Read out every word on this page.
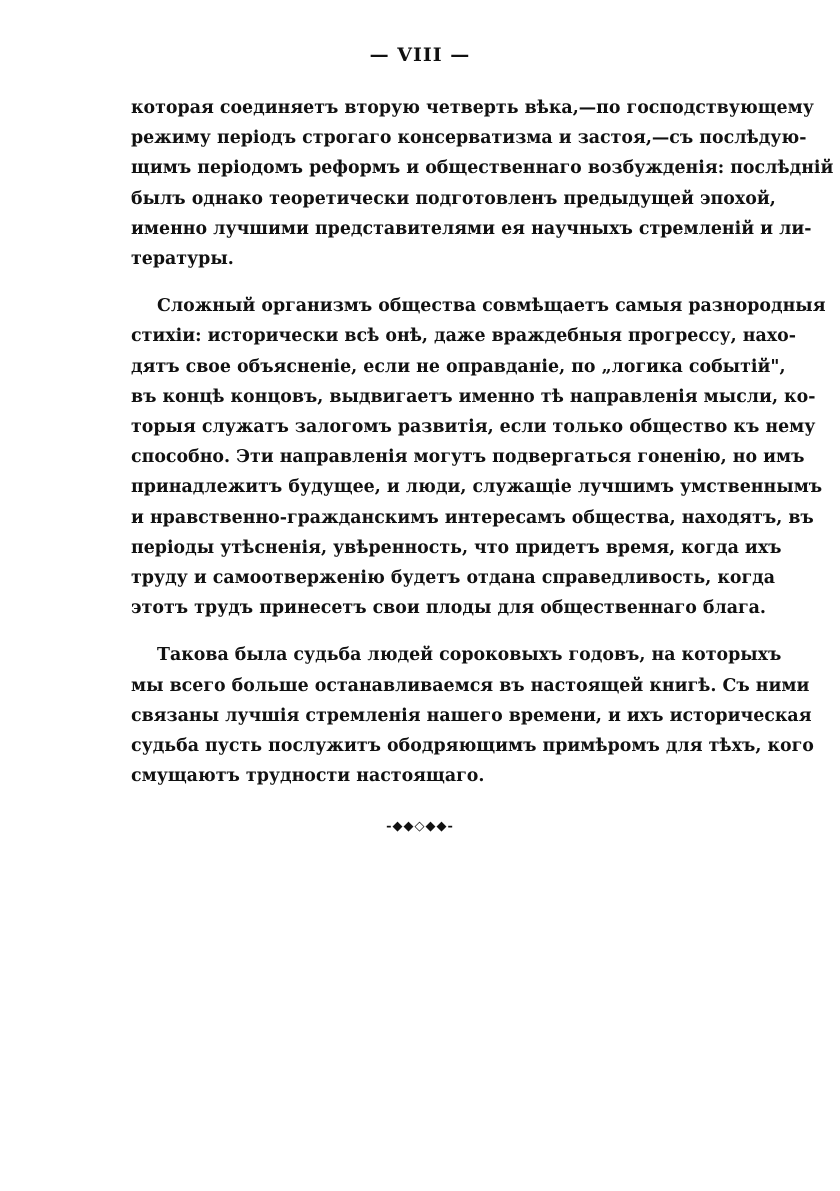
— VIII —

которая соединяетъ вторую четверть вѣка,—по господствующему
режиму періодъ строгаго консерватизма и застоя,—съ послѣдую-
щимъ періодомъ реформъ и общественнаго возбужденія: послѣдній
былъ однако теоретически подготовленъ предыдущей эпохой,
именно лучшими представителями ея научныхъ стремленій и ли-
тературы.

Сложный организмъ общества совмѣщаетъ самыя разнородныя
стихіи: исторически всѣ онѣ, даже враждебныя прогрессу, нахо-
дятъ свое объясненіе, если не оправданіе, по „логика событій",
въ концѣ концовъ, выдвигаетъ именно тѣ направленія мысли, ко-
торыя служатъ залогомъ развитія, если только общество къ нему
способно. Эти направленія могутъ подвергаться гоненію, но имъ
принадлежитъ будущее, и люди, служащіе лучшимъ умственнымъ
и нравственно-гражданскимъ интересамъ общества, находятъ, въ
періоды утѣсненія, увѣренность, что придетъ время, когда ихъ
труду и самоотверженію будетъ отдана справедливость, когда
этотъ трудъ принесетъ свои плоды для общественнаго блага.

Такова была судьба людей сороковыхъ годовъ, на которыхъ
мы всего больше останавливаемся въ настоящей книгѣ. Съ ними
связаны лучшія стремленія нашего времени, и ихъ историческая
судьба пусть послужитъ ободряющимъ примѣромъ для тѣхъ, кого
смущаютъ трудности настоящаго.

-◆◆◇◆◆-
